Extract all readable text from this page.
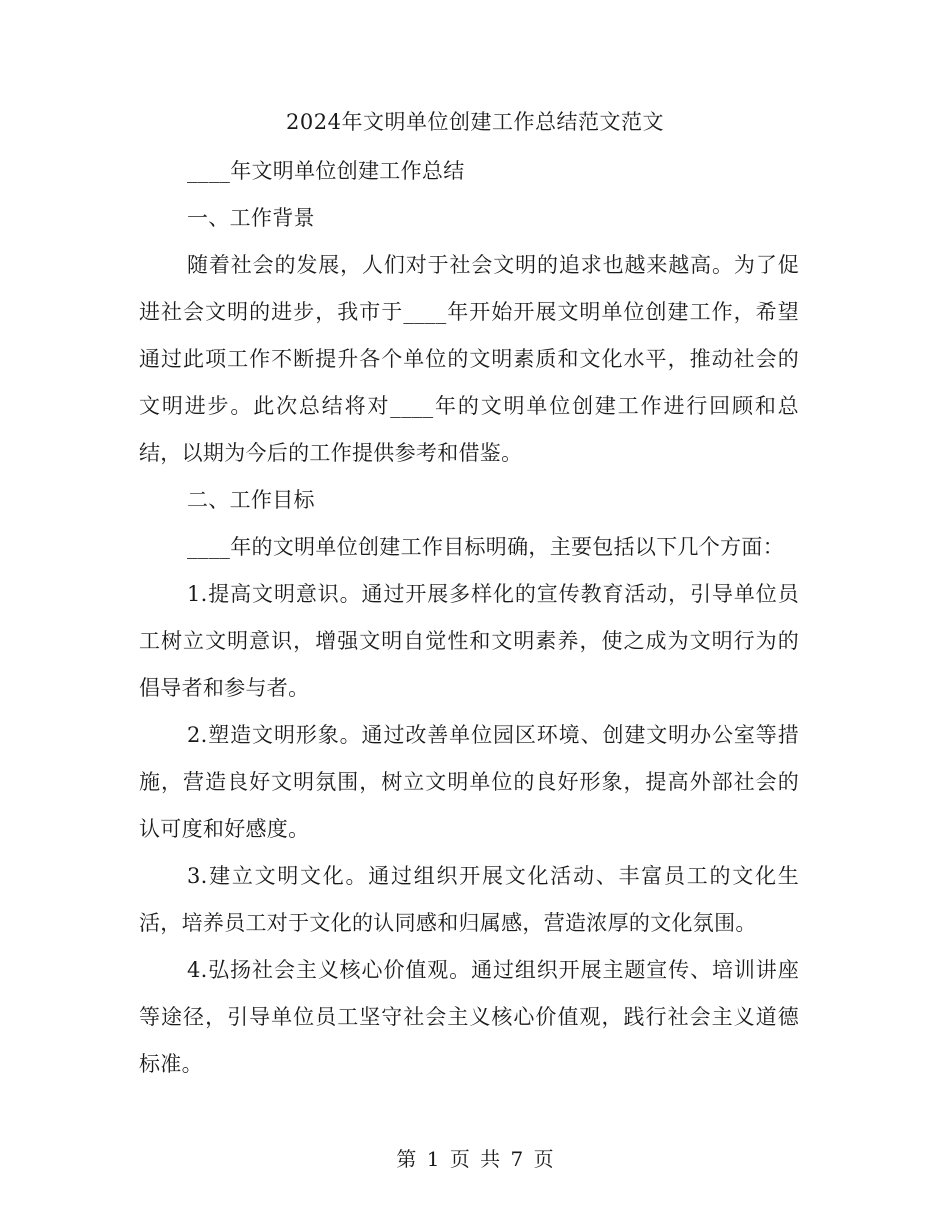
2024年文明单位创建工作总结范文范文

____年文明单位创建工作总结

一、工作背景

随着社会的发展，人们对于社会文明的追求也越来越高。为了促进社会文明的进步，我市于____年开始开展文明单位创建工作，希望通过此项工作不断提升各个单位的文明素质和文化水平，推动社会的文明进步。此次总结将对____年的文明单位创建工作进行回顾和总结，以期为今后的工作提供参考和借鉴。

二、工作目标

____年的文明单位创建工作目标明确，主要包括以下几个方面：

1.提高文明意识。通过开展多样化的宣传教育活动，引导单位员工树立文明意识，增强文明自觉性和文明素养，使之成为文明行为的倡导者和参与者。

2.塑造文明形象。通过改善单位园区环境、创建文明办公室等措施，营造良好文明氛围，树立文明单位的良好形象，提高外部社会的认可度和好感度。

3.建立文明文化。通过组织开展文化活动、丰富员工的文化生活，培养员工对于文化的认同感和归属感，营造浓厚的文化氛围。

4.弘扬社会主义核心价值观。通过组织开展主题宣传、培训讲座等途径，引导单位员工坚守社会主义核心价值观，践行社会主义道德标准。

第 1 页 共 7 页
